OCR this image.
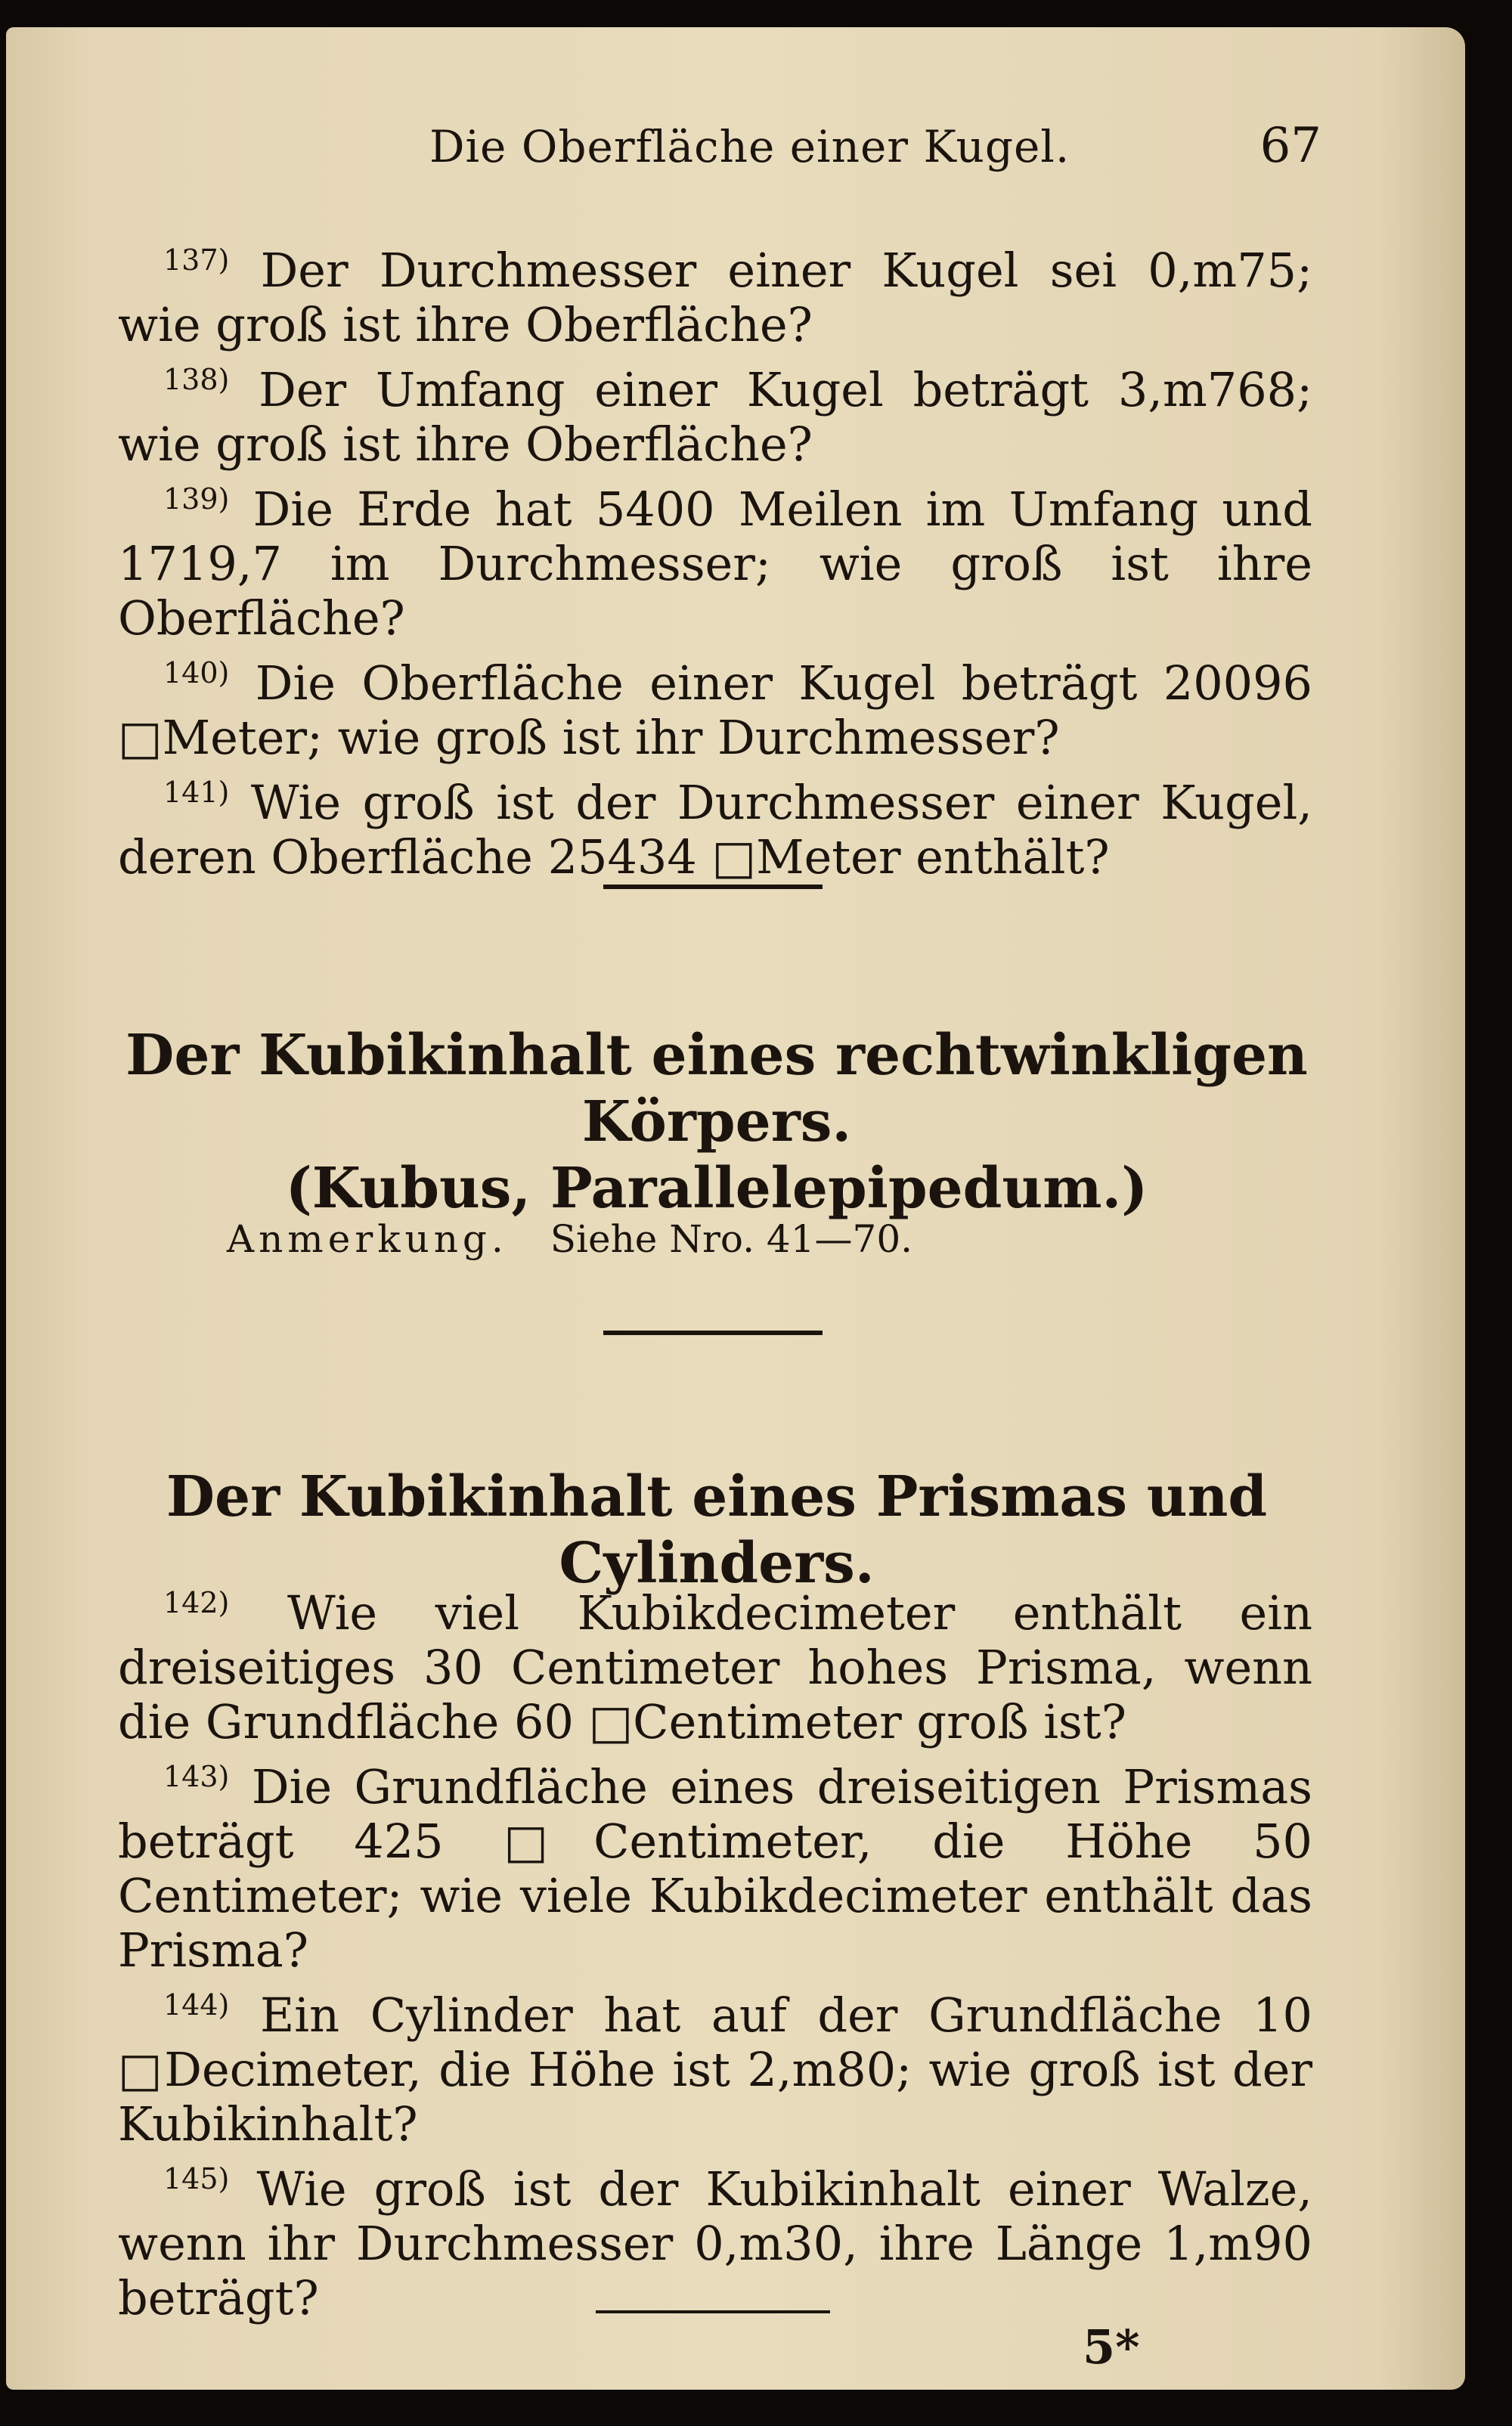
Die Oberfläche einer Kugel.	67

$^{137)}$ Der Durchmesser einer Kugel sei 0,m75; wie groß ist ihre Oberfläche?

$^{138)}$ Der Umfang einer Kugel beträgt 3,m768; wie groß ist ihre Oberfläche?

$^{139)}$ Die Erde hat 5400 Meilen im Umfang und 1719,7 im Durchmesser; wie groß ist ihre Oberfläche?

$^{140)}$ Die Oberfläche einer Kugel beträgt 20096 □Meter; wie groß ist ihr Durchmesser?

$^{141)}$ Wie groß ist der Durchmesser einer Kugel, deren Oberfläche 25434 □Meter enthält?

Der Kubikinhalt eines rechtwinkligen Körpers.
(Kubus, Parallelepipedum.)
Anmerkung. Siehe Nro. 41—70.
Der Kubikinhalt eines Prismas und Cylinders.

$^{142)}$ Wie viel Kubikdecimeter enthält ein dreiseitiges 30 Centimeter hohes Prisma, wenn die Grundfläche 60 □Centimeter groß ist?

$^{143)}$ Die Grundfläche eines dreiseitigen Prismas beträgt 425 □Centimeter, die Höhe 50 Centimeter; wie viele Kubikdecimeter enthält das Prisma?

$^{144)}$ Ein Cylinder hat auf der Grundfläche 10 □Decimeter, die Höhe ist 2,m80; wie groß ist der Kubikinhalt?

$^{145)}$ Wie groß ist der Kubikinhalt einer Walze, wenn ihr Durchmesser 0,m30, ihre Länge 1,m90 beträgt?

5*
